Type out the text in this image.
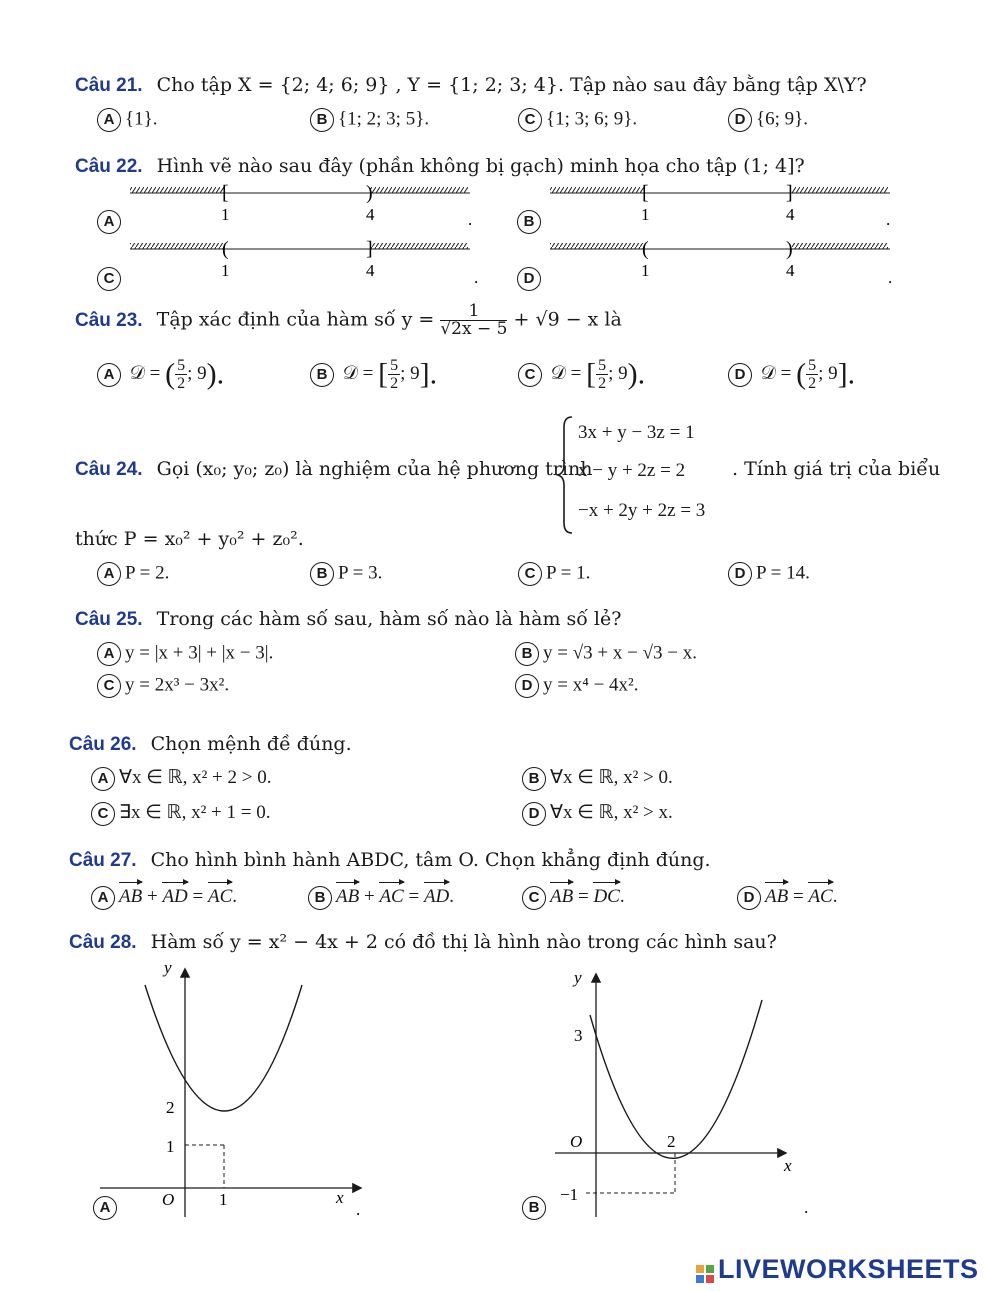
Câu 21. Cho tập X = {2; 4; 6; 9} , Y = {1; 2; 3; 4}. Tập nào sau đây bằng tập X\Y?
A {1}.	B {1; 2; 3; 5}.	C {1; 3; 6; 9}.	D {6; 9}.
Câu 22. Hình vẽ nào sau đây (phần không bị gạch) minh họa cho tập (1; 4]?
[	)
1	4	.
[	]
1	4	.
(	]
1	4	.
(	)
1	4	.
A	B
C	D
Câu 23. Tập xác định của hàm số $y = \frac{1}{√2x - 5} + √9 - x$ là
A 𝒟 = ( $\frac{5}{2}$ ; 9).	B 𝒟 = [ $\frac{5}{2}$ ; 9].	C 𝒟 = [ $\frac{5}{2}$ ; 9).	D 𝒟 = ( $\frac{5}{2}$ ; 9].
Câu 24. Gọi (x₀; y₀; z₀) là nghiệm của hệ phương trình
3x + y − 3z = 1
x − y + 2z = 2
−x + 2y + 2z = 3
. Tính giá trị của biểu
thức P = x₀² + y₀² + z₀².
A P = 2.	B P = 3.	C P = 1.	D P = 14.
Câu 25. Trong các hàm số sau, hàm số nào là hàm số lẻ?
A y = |x + 3| + |x − 3|.	B y = √3 + x − √3 − x.
C y = 2x³ − 3x².	D y = x⁴ − 4x².
Câu 26. Chọn mệnh đề đúng.
A ∀x ∈ ℝ, x² + 2 > 0.	B ∀x ∈ ℝ, x² > 0.
C ∃x ∈ ℝ, x² + 1 = 0.	D ∀x ∈ ℝ, x² > x.
Câu 27. Cho hình bình hành ABDC, tâm O. Chọn khẳng định đúng.
A AB
+ AD
= AC
.	B AB
+ AC
= AD
.	C AB
= DC
.	D AB
= AC
.
Câu 28. Hàm số y = x² − 4x + 2 có đồ thị là hình nào trong các hình sau?
y
x
O
2
1
1
.
A
y
x
O
3
−1
2
.
B
LIVEWORKSHEETS
